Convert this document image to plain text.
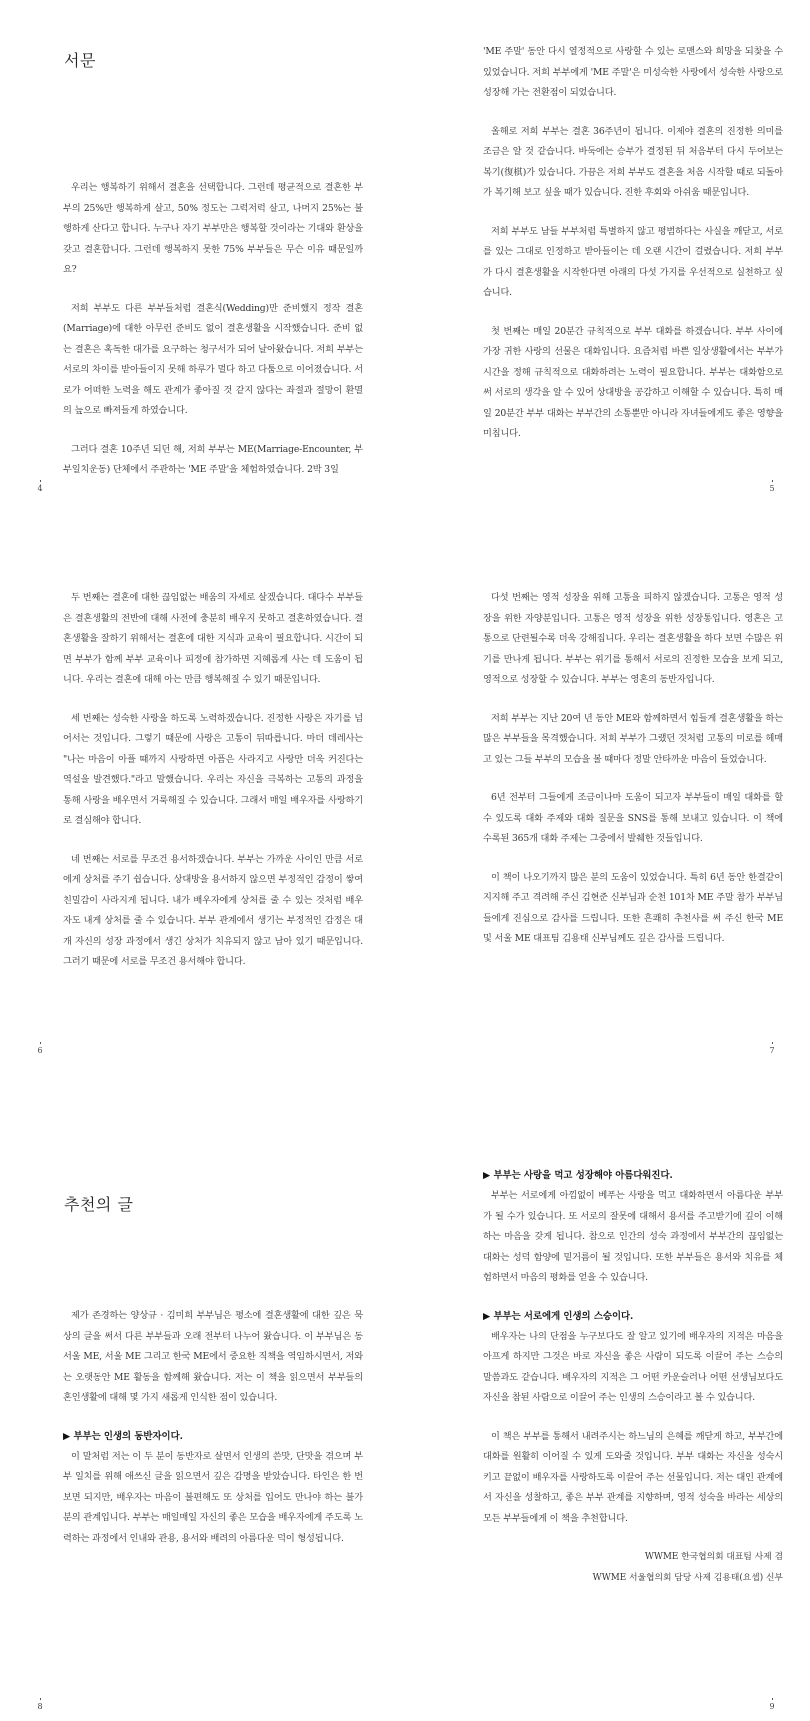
서문

우리는 행복하기 위해서 결혼을 선택합니다. 그런데 평균적으로 결혼한 부부의 25%만 행복하게 살고, 50% 정도는 그럭저럭 살고, 나머지 25%는 불행하게 산다고 합니다. 누구나 자기 부부만은 행복할 것이라는 기대와 환상을 갖고 결혼합니다. 그런데 행복하지 못한 75% 부부들은 무슨 이유 때문일까요?

저희 부부도 다른 부부들처럼 결혼식(Wedding)만 준비했지 정작 결혼(Marriage)에 대한 아무런 준비도 없이 결혼생활을 시작했습니다. 준비 없는 결혼은 혹독한 대가를 요구하는 청구서가 되어 날아왔습니다. 저희 부부는 서로의 차이를 받아들이지 못해 하루가 멀다 하고 다툼으로 이어졌습니다. 서로가 어떠한 노력을 해도 관계가 좋아질 것 같지 않다는 좌절과 절망이 환멸의 늪으로 빠져들게 하였습니다.

그러다 결혼 10주년 되던 해, 저희 부부는 ME(Marriage-Encounter, 부부일치운동) 단체에서 주관하는 'ME 주말'을 체험하였습니다. 2박 3일

4

'ME 주말' 동안 다시 열정적으로 사랑할 수 있는 로맨스와 희망을 되찾을 수 있었습니다. 저희 부부에게 'ME 주말'은 미성숙한 사랑에서 성숙한 사랑으로 성장해 가는 전환점이 되었습니다.

올해로 저희 부부는 결혼 36주년이 됩니다. 이제야 결혼의 진정한 의미를 조금은 알 것 같습니다. 바둑에는 승부가 결정된 뒤 처음부터 다시 두어보는 복기(復棋)가 있습니다. 가끔은 저희 부부도 결혼을 처음 시작할 때로 되돌아가 복기해 보고 싶을 때가 있습니다. 진한 후회와 아쉬움 때문입니다.

저희 부부도 남들 부부처럼 특별하지 않고 평범하다는 사실을 깨닫고, 서로를 있는 그대로 인정하고 받아들이는 데 오랜 시간이 걸렸습니다. 저희 부부가 다시 결혼생활을 시작한다면 아래의 다섯 가지를 우선적으로 실천하고 싶습니다.

첫 번째는 매일 20분간 규칙적으로 부부 대화를 하겠습니다. 부부 사이에 가장 귀한 사랑의 선물은 대화입니다. 요즘처럼 바쁜 일상생활에서는 부부가 시간을 정해 규칙적으로 대화하려는 노력이 필요합니다. 부부는 대화함으로써 서로의 생각을 알 수 있어 상대방을 공감하고 이해할 수 있습니다. 특히 매일 20분간 부부 대화는 부부간의 소통뿐만 아니라 자녀들에게도 좋은 영향을 미칩니다.

5

두 번째는 결혼에 대한 끊임없는 배움의 자세로 살겠습니다. 대다수 부부들은 결혼생활의 전반에 대해 사전에 충분히 배우지 못하고 결혼하였습니다. 결혼생활을 잘하기 위해서는 결혼에 대한 지식과 교육이 필요합니다. 시간이 되면 부부가 함께 부부 교육이나 피정에 참가하면 지혜롭게 사는 데 도움이 됩니다. 우리는 결혼에 대해 아는 만큼 행복해질 수 있기 때문입니다.

세 번째는 성숙한 사랑을 하도록 노력하겠습니다. 진정한 사랑은 자기를 넘어서는 것입니다. 그렇기 때문에 사랑은 고통이 뒤따릅니다. 마더 데레사는 "나는 마음이 아플 때까지 사랑하면 아픔은 사라지고 사랑만 더욱 커진다는 역설을 발견했다."라고 말했습니다. 우리는 자신을 극복하는 고통의 과정을 통해 사랑을 배우면서 거룩해질 수 있습니다. 그래서 매일 배우자를 사랑하기로 결심해야 합니다.

네 번째는 서로를 무조건 용서하겠습니다. 부부는 가까운 사이인 만큼 서로에게 상처를 주기 쉽습니다. 상대방을 용서하지 않으면 부정적인 감정이 쌓여 친밀감이 사라지게 됩니다. 내가 배우자에게 상처를 줄 수 있는 것처럼 배우자도 내게 상처를 줄 수 있습니다. 부부 관계에서 생기는 부정적인 감정은 대개 자신의 성장 과정에서 생긴 상처가 치유되지 않고 남아 있기 때문입니다. 그러기 때문에 서로를 무조건 용서해야 합니다.

6

다섯 번째는 영적 성장을 위해 고통을 피하지 않겠습니다. 고통은 영적 성장을 위한 자양분입니다. 고통은 영적 성장을 위한 성장통입니다. 영혼은 고통으로 단련될수록 더욱 강해집니다. 우리는 결혼생활을 하다 보면 수많은 위기를 만나게 됩니다. 부부는 위기를 통해서 서로의 진정한 모습을 보게 되고, 영적으로 성장할 수 있습니다. 부부는 영혼의 동반자입니다.

저희 부부는 지난 20여 년 동안 ME와 함께하면서 힘들게 결혼생활을 하는 많은 부부들을 목격했습니다. 저희 부부가 그랬던 것처럼 고통의 미로를 헤매고 있는 그들 부부의 모습을 볼 때마다 정말 안타까운 마음이 들었습니다.

6년 전부터 그들에게 조금이나마 도움이 되고자 부부들이 매일 대화를 할 수 있도록 대화 주제와 대화 질문을 SNS를 통해 보내고 있습니다. 이 책에 수록된 365개 대화 주제는 그중에서 발췌한 것들입니다.

이 책이 나오기까지 많은 분의 도움이 있었습니다. 특히 6년 동안 한결같이 지지해 주고 격려해 주신 김현준 신부님과 순천 101차 ME 주말 참가 부부님들에게 진심으로 감사를 드립니다. 또한 흔쾌히 추천사를 써 주신 한국 ME 및 서울 ME 대표팀 김용태 신부님께도 깊은 감사를 드립니다.

7
추천의 글

제가 존경하는 양상규 · 김미희 부부님은 평소에 결혼생활에 대한 깊은 묵상의 글을 써서 다른 부부들과 오래 전부터 나누어 왔습니다. 이 부부님은 동서울 ME, 서울 ME 그리고 한국 ME에서 중요한 직책을 역임하시면서, 저와는 오랫동안 ME 활동을 함께해 왔습니다. 저는 이 책을 읽으면서 부부들의 혼인생활에 대해 몇 가지 새롭게 인식한 점이 있습니다.

▶ 부부는 인생의 동반자이다.

이 말처럼 저는 이 두 분이 동반자로 살면서 인생의 쓴맛, 단맛을 겪으며 부부 일치를 위해 애쓰신 글을 읽으면서 깊은 감명을 받았습니다. 타인은 한 번 보면 되지만, 배우자는 마음이 불편해도 또 상처를 입어도 만나야 하는 불가분의 관계입니다. 부부는 매일매일 자신의 좋은 모습을 배우자에게 주도록 노력하는 과정에서 인내와 관용, 용서와 배려의 아름다운 덕이 형성됩니다.

8

▶ 부부는 사랑을 먹고 성장해야 아름다워진다.

부부는 서로에게 아낌없이 베푸는 사랑을 먹고 대화하면서 아름다운 부부가 될 수가 있습니다. 또 서로의 잘못에 대해서 용서를 주고받기에 깊이 이해하는 마음을 갖게 됩니다. 참으로 인간의 성숙 과정에서 부부간의 끊임없는 대화는 성덕 함양에 밑거름이 될 것입니다. 또한 부부들은 용서와 치유를 체험하면서 마음의 평화를 얻을 수 있습니다.

▶ 부부는 서로에게 인생의 스승이다.

배우자는 나의 단점을 누구보다도 잘 알고 있기에 배우자의 지적은 마음을 아프게 하지만 그것은 바로 자신을 좋은 사람이 되도록 이끌어 주는 스승의 말씀과도 같습니다. 배우자의 지적은 그 어떤 카운슬러나 어떤 선생님보다도 자신을 참된 사람으로 이끌어 주는 인생의 스승이라고 볼 수 있습니다.

이 책은 부부를 통해서 내려주시는 하느님의 은혜를 깨닫게 하고, 부부간에 대화를 원활히 이어질 수 있게 도와줄 것입니다. 부부 대화는 자신을 성숙시키고 끝없이 배우자를 사랑하도록 이끌어 주는 선물입니다. 저는 대인 관계에서 자신을 성찰하고, 좋은 부부 관계를 지향하며, 영적 성숙을 바라는 세상의 모든 부부들에게 이 책을 추천합니다.

WWME 한국협의회 대표팀 사제 겸

WWME 서울협의회 담당 사제 김용태(요셉) 신부

9
